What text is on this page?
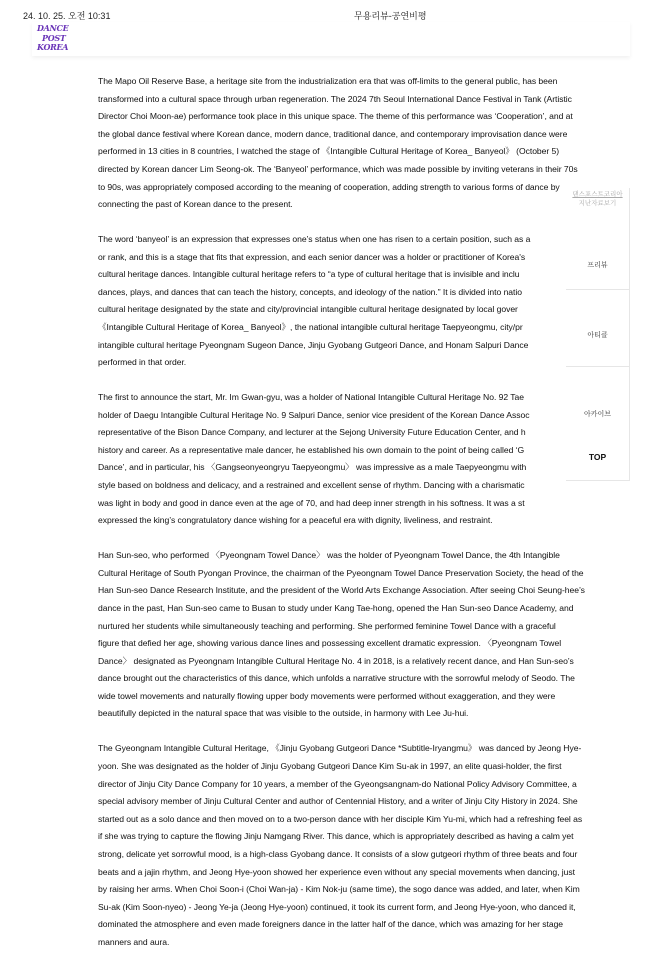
24. 10. 25. 오전 10:31	무용리뷰-공연비평
DANCE
POST
KOREA
The Mapo Oil Reserve Base, a heritage site from the industrialization era that was off-limits to the general public, has been
transformed into a cultural space through urban regeneration. The 2024 7th Seoul International Dance Festival in Tank (Artistic
Director Choi Moon-ae) performance took place in this unique space. The theme of this performance was ‘Cooperation’, and at
the global dance festival where Korean dance, modern dance, traditional dance, and contemporary improvisation dance were
performed in 13 cities in 8 countries, I watched the stage of 《Intangible Cultural Heritage of Korea_ Banyeol》 (October 5)
directed by Korean dancer Lim Seong-ok. The ‘Banyeol’ performance, which was made possible by inviting veterans in their 70s
to 90s, was appropriately composed according to the meaning of cooperation, adding strength to various forms of dance by
connecting the past of Korean dance to the present.
The word ‘banyeol’ is an expression that expresses one’s status when one has risen to a certain position, such as a
or rank, and this is a stage that fits that expression, and each senior dancer was a holder or practitioner of Korea's
cultural heritage dances. Intangible cultural heritage refers to “a type of cultural heritage that is invisible and inclu
dances, plays, and dances that can teach the history, concepts, and ideology of the nation.” It is divided into natio
cultural heritage designated by the state and city/provincial intangible cultural heritage designated by local gover
《Intangible Cultural Heritage of Korea_ Banyeol》, the national intangible cultural heritage Taepyeongmu, city/pr
intangible cultural heritage Pyeongnam Sugeon Dance, Jinju Gyobang Gutgeori Dance, and Honam Salpuri Dance
performed in that order.
The first to announce the start, Mr. Im Gwan-gyu, was a holder of National Intangible Cultural Heritage No. 92 Tae
holder of Daegu Intangible Cultural Heritage No. 9 Salpuri Dance, senior vice president of the Korean Dance Assoc
representative of the Bison Dance Company, and lecturer at the Sejong University Future Education Center, and h
history and career. As a representative male dancer, he established his own domain to the point of being called ‘G
Dance’, and in particular, his 〈Gangseonyeongryu Taepyeongmu〉 was impressive as a male Taepyeongmu with
style based on boldness and delicacy, and a restrained and excellent sense of rhythm. Dancing with a charismatic
was light in body and good in dance even at the age of 70, and had deep inner strength in his softness. It was a st
expressed the king’s congratulatory dance wishing for a peaceful era with dignity, liveliness, and restraint.
Han Sun-seo, who performed 〈Pyeongnam Towel Dance〉 was the holder of Pyeongnam Towel Dance, the 4th Intangible
Cultural Heritage of South Pyongan Province, the chairman of the Pyeongnam Towel Dance Preservation Society, the head of the
Han Sun-seo Dance Research Institute, and the president of the World Arts Exchange Association. After seeing Choi Seung-hee’s
dance in the past, Han Sun-seo came to Busan to study under Kang Tae-hong, opened the Han Sun-seo Dance Academy, and
nurtured her students while simultaneously teaching and performing. She performed feminine Towel Dance with a graceful
figure that defied her age, showing various dance lines and possessing excellent dramatic expression. 〈Pyeongnam Towel
Dance〉 designated as Pyeongnam Intangible Cultural Heritage No. 4 in 2018, is a relatively recent dance, and Han Sun-seo’s
dance brought out the characteristics of this dance, which unfolds a narrative structure with the sorrowful melody of Seodo. The
wide towel movements and naturally flowing upper body movements were performed without exaggeration, and they were
beautifully depicted in the natural space that was visible to the outside, in harmony with Lee Ju-hui.
The Gyeongnam Intangible Cultural Heritage, 《Jinju Gyobang Gutgeori Dance *Subtitle-Iryangmu》 was danced by Jeong Hye-
yoon. She was designated as the holder of Jinju Gyobang Gutgeori Dance Kim Su-ak in 1997, an elite quasi-holder, the first
director of Jinju City Dance Company for 10 years, a member of the Gyeongsangnam-do National Policy Advisory Committee, a
special advisory member of Jinju Cultural Center and author of Centennial History, and a writer of Jinju City History in 2024. She
started out as a solo dance and then moved on to a two-person dance with her disciple Kim Yu-mi, which had a refreshing feel as
if she was trying to capture the flowing Jinju Namgang River. This dance, which is appropriately described as having a calm yet
strong, delicate yet sorrowful mood, is a high-class Gyobang dance. It consists of a slow gutgeori rhythm of three beats and four
beats and a jajin rhythm, and Jeong Hye-yoon showed her experience even without any special movements when dancing, just
by raising her arms. When Choi Soon-i (Choi Wan-ja) - Kim Nok-ju (same time), the sogo dance was added, and later, when Kim
Su-ak (Kim Soon-nyeo) - Jeong Ye-ja (Jeong Hye-yoon) continued, it took its current form, and Jeong Hye-yoon, who danced it,
dominated the atmosphere and even made foreigners dance in the latter half of the dance, which was amazing for her stage
manners and aura.
댄스포스트코리아
지난자료보기
프리뷰
아티클
아카이브
TOP
